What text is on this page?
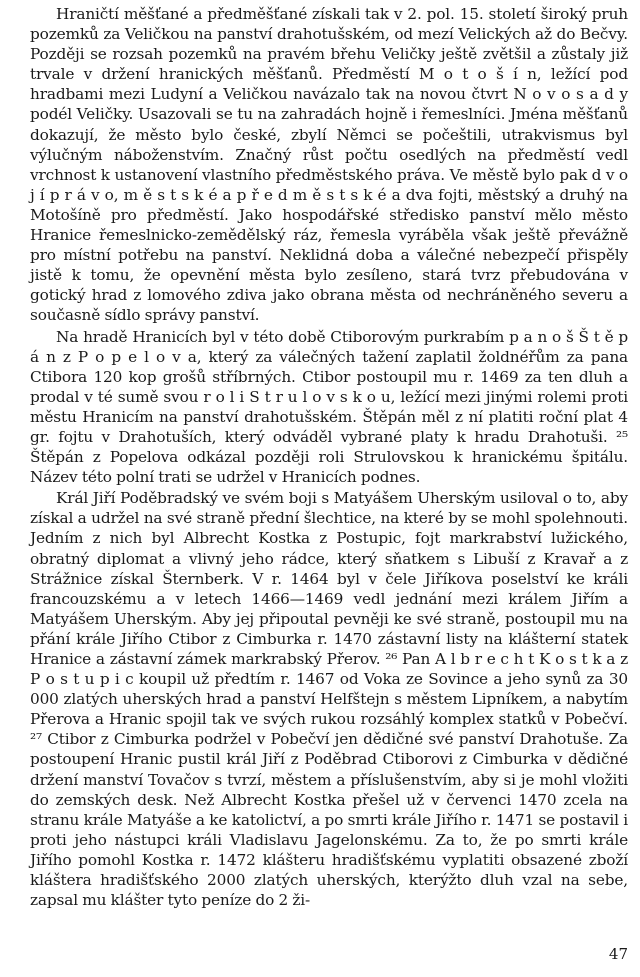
Hraničtí měšťané a předměšťané získali tak v 2. pol. 15. století široký pruh pozemků za Veličkou na panství drahotušském, od mezí Velických až do Bečvy. Později se rozsah pozemků na pravém břehu Veličky ještě zvětšil a zůstaly již trvale v držení hranických měšťanů. Předměstí M o t o š í n, ležící pod hradbami mezi Ludyní a Veličkou navázalo tak na novou čtvrt N o v o s a d y podél Veličky. Usazovali se tu na zahradách hojně i řemeslníci. Jména měšťanů dokazují, že město bylo české, zbylí Němci se počeštili, utrakvismus byl výlučným náboženstvím. Značný růst počtu osedlých na předměstí vedl vrchnost k ustanovení vlastního předměstského práva. Ve městě bylo pak d v o j í p r á v o, m ě s t s k é a p ř e d m ě s t s k é a dva fojti, městský a druhý na Motošíně pro předměstí. Jako hospodářské středisko panství mělo město Hranice řemeslnicko-zemědělský ráz, řemesla vyráběla však ještě převážně pro místní potřebu na panství. Neklidná doba a válečné nebezpečí přispěly jistě k tomu, že opevnění města bylo zesíleno, stará tvrz přebudována v gotický hrad z lomového zdiva jako obrana města od nechráněného severu a současně sídlo správy panství.

Na hradě Hranicích byl v této době Ctiborovým purkrabím p a n o š Š t ě p á n z P o p e l o v a, který za válečných tažení zaplatil žoldnéřům za pana Ctibora 120 kop grošů stříbrných. Ctibor postoupil mu r. 1469 za ten dluh a prodal v té sumě svou r o l i S t r u l o v s k o u, ležící mezi jinými rolemi proti městu Hranicím na panství drahotušském. Štěpán měl z ní platiti roční plat 4 gr. fojtu v Drahotuších, který odváděl vybrané platy k hradu Drahotuši. ²⁵ Štěpán z Popelova odkázal později roli Strulovskou k hranickému špitálu. Název této polní trati se udržel v Hranicích podnes.

Král Jiří Poděbradský ve svém boji s Matyášem Uherským usiloval o to, aby získal a udržel na své straně přední šlechtice, na které by se mohl spolehnouti. Jedním z nich byl Albrecht Kostka z Postupic, fojt markrabství lužického, obratný diplomat a vlivný jeho rádce, který sňatkem s Libuší z Kravař a z Strážnice získal Šternberk. V r. 1464 byl v čele Jiříkova poselství ke králi francouzskému a v letech 1466—1469 vedl jednání mezi králem Jiřím a Matyášem Uherským. Aby jej připoutal pevněji ke své straně, postoupil mu na přání krále Jiřího Ctibor z Cimburka r. 1470 zástavní listy na klášterní statek Hranice a zástavní zámek markrabský Přerov. ²⁶ Pan A l b r e c h t K o s t k a z P o s t u p i c koupil už předtím r. 1467 od Voka ze Sovince a jeho synů za 30 000 zlatých uherských hrad a panství Helfštejn s městem Lipníkem, a nabytím Přerova a Hranic spojil tak ve svých rukou rozsáhlý komplex statků v Pobečví. ²⁷ Ctibor z Cimburka podržel v Pobečví jen dědičné své panství Drahotuše. Za postoupení Hranic pustil král Jiří z Poděbrad Ctiborovi z Cimburka v dědičné držení manství Tovačov s tvrzí, městem a příslušenstvím, aby si je mohl vložiti do zemských desk. Než Albrecht Kostka přešel už v červenci 1470 zcela na stranu krále Matyáše a ke katolictví, a po smrti krále Jiřího r. 1471 se postavil i proti jeho nástupci králi Vladislavu Jagelonskému. Za to, že po smrti krále Jiřího pomohl Kostka r. 1472 klášteru hradišťskému vyplatiti obsazené zboží kláštera hradišťského 2000 zlatých uherských, kterýžto dluh vzal na sebe, zapsal mu klášter tyto peníze do 2 ži-

47
